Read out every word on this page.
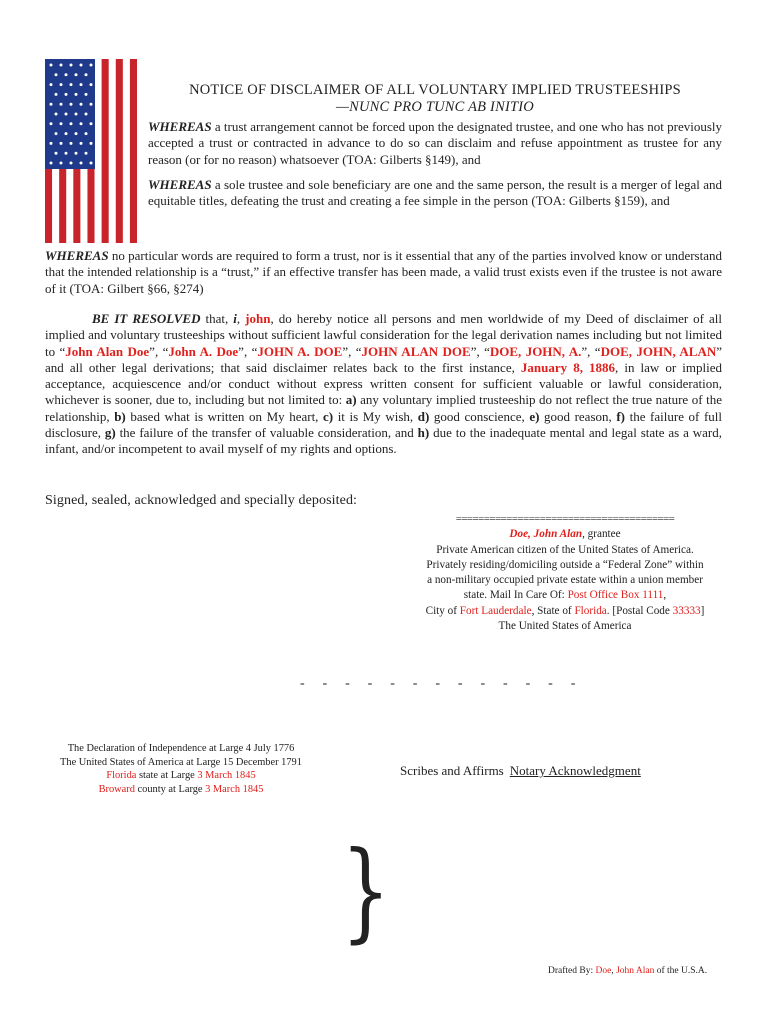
NOTICE OF DISCLAIMER OF ALL VOLUNTARY IMPLIED TRUSTEESHIPS
—NUNC PRO TUNC AB INITIO
WHEREAS a trust arrangement cannot be forced upon the designated trustee, and one who has not previously accepted a trust or contracted in advance to do so can disclaim and refuse appointment as trustee for any reason (or for no reason) whatsoever (TOA: Gilberts §149), and
WHEREAS a sole trustee and sole beneficiary are one and the same person, the result is a merger of legal and equitable titles, defeating the trust and creating a fee simple in the person (TOA: Gilberts §159), and
WHEREAS no particular words are required to form a trust, nor is it essential that any of the parties involved know or understand that the intended relationship is a “trust,” if an effective transfer has been made, a valid trust exists even if the trustee is not aware of it (TOA: Gilbert §66, §274)
BE IT RESOLVED that, i, john, do hereby notice all persons and men worldwide of my Deed of disclaimer of all implied and voluntary trusteeships without sufficient lawful consideration for the legal derivation names including but not limited to “John Alan Doe”, “John A. Doe”, “JOHN A. DOE”, “JOHN ALAN DOE”, “DOE, JOHN, A.”, “DOE, JOHN, ALAN” and all other legal derivations; that said disclaimer relates back to the first instance, January 8, 1886, in law or implied acceptance, acquiescence and/or conduct without express written consent for sufficient valuable or lawful consideration, whichever is sooner, due to, including but not limited to: a) any voluntary implied trusteeship do not reflect the true nature of the relationship, b) based what is written on My heart, c) it is My wish, d) good conscience, e) good reason, f) the failure of full disclosure, g) the failure of the transfer of valuable consideration, and h) due to the inadequate mental and legal state as a ward, infant, and/or incompetent to avail myself of my rights and options.
Signed, sealed, acknowledged and specially deposited:
=======================================
Doe, John Alan, grantee
Private American citizen of the United States of America.
Privately residing/domiciling outside a “Federal Zone” within
a non-military occupied private estate within a union member
state. Mail In Care Of: Post Office Box 1111,
City of Fort Lauderdale, State of Florida. [Postal Code 33333]
The United States of America
- - - - - - - - - - - - -
The Declaration of Independence at Large 4 July 1776
The United States of America at Large 15 December 1791
Florida state at Large 3 March 1845
Broward county at Large 3 March 1845
Scribes and Affirms Notary Acknowledgment
}
Drafted By: Doe, John Alan of the U.S.A.
